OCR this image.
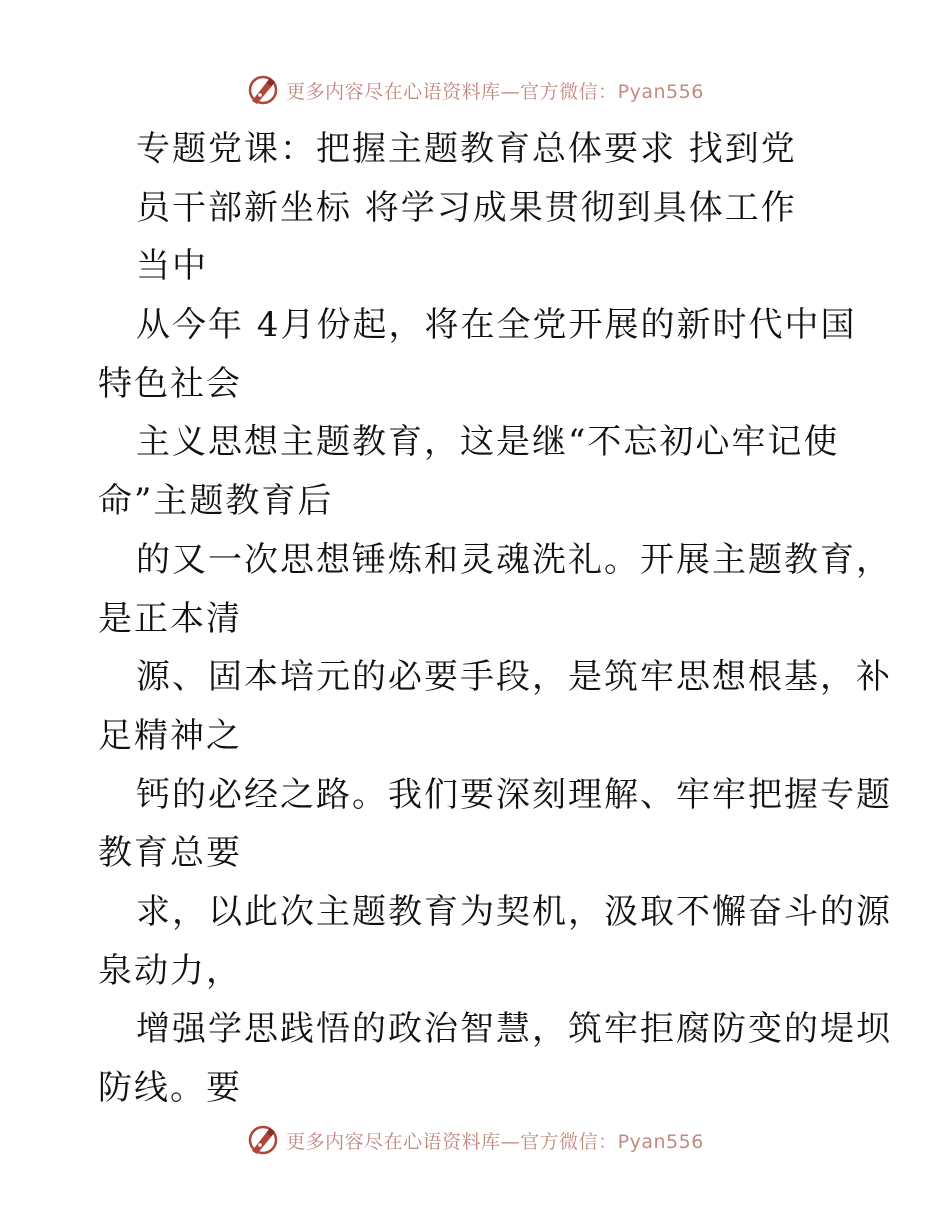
更多内容尽在心语资料库—官方微信：Pyan556
专题党课：把握主题教育总体要求 找到党
员干部新坐标 将学习成果贯彻到具体工作
当中
从今年 4月份起，将在全党开展的新时代中国
特色社会
主义思想主题教育，这是继“不忘初心牢记使
命”主题教育后
的又一次思想锤炼和灵魂洗礼。开展主题教育，
是正本清
源、固本培元的必要手段，是筑牢思想根基，补
足精神之
钙的必经之路。我们要深刻理解、牢牢把握专题
教育总要
求，以此次主题教育为契机，汲取不懈奋斗的源
泉动力，
增强学思践悟的政治智慧，筑牢拒腐防变的堤坝
防线。要
更多内容尽在心语资料库—官方微信：Pyan556
